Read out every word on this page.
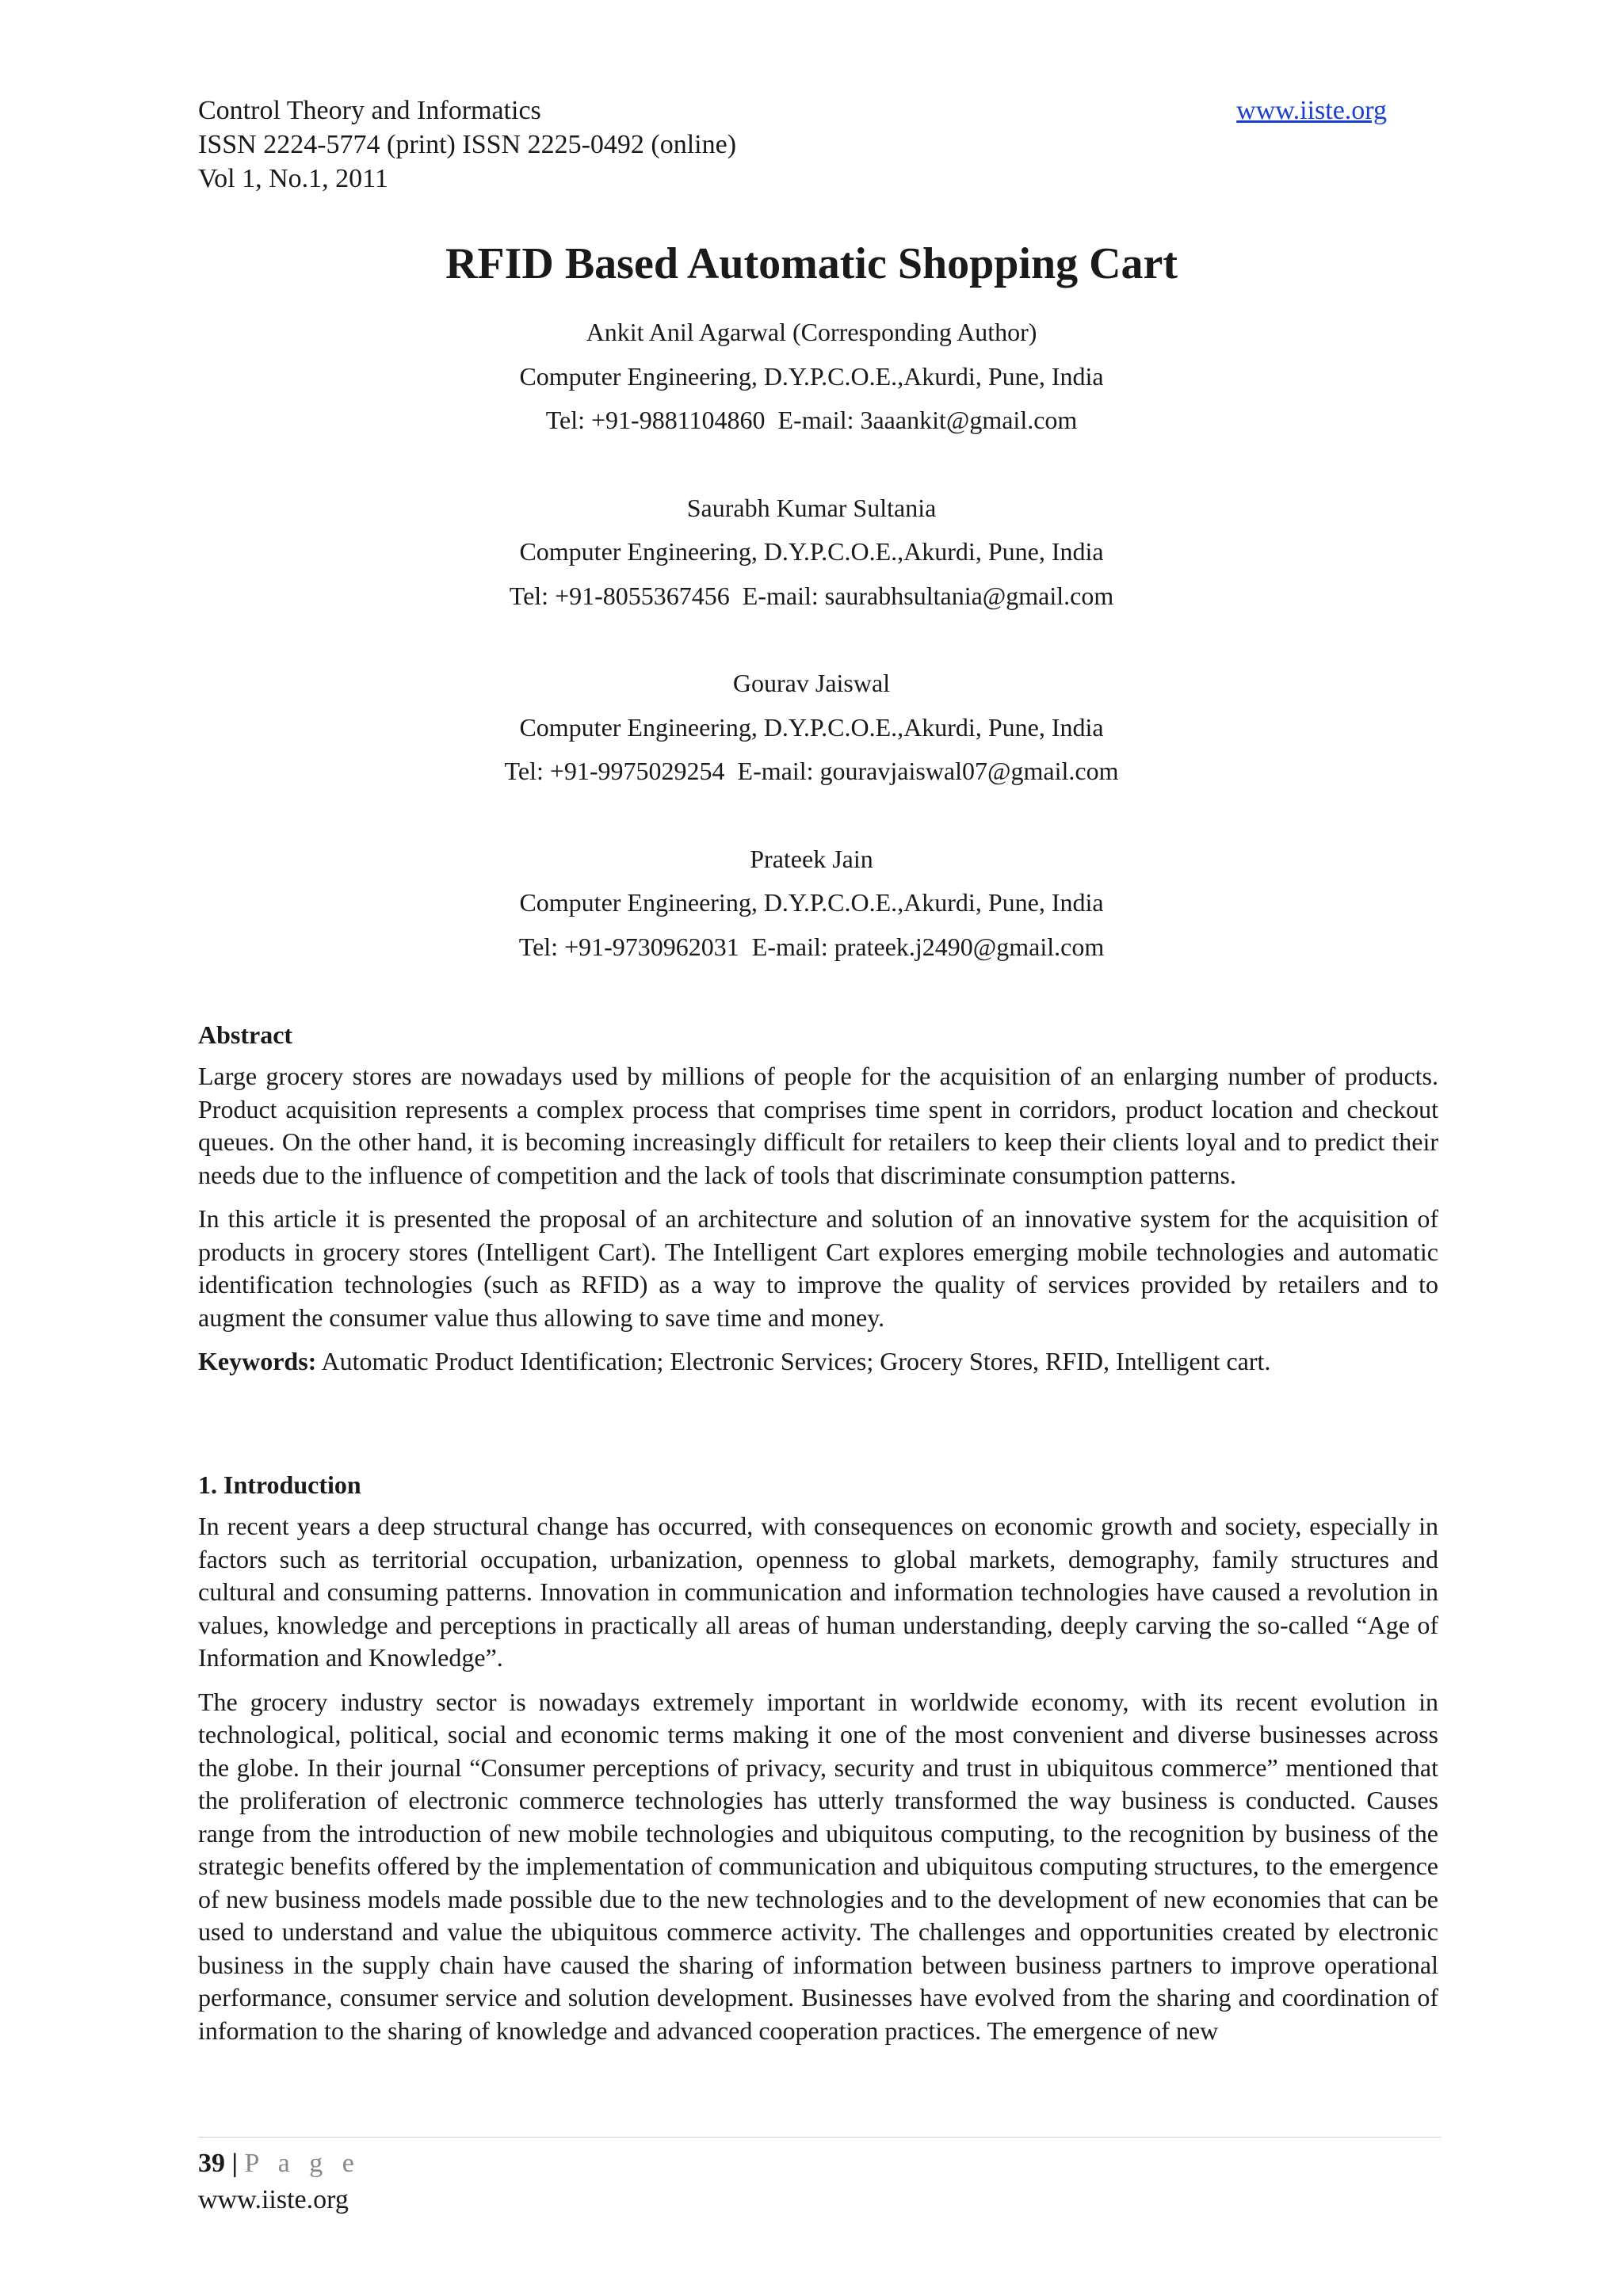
Control Theory and Informatics
ISSN 2224-5774 (print) ISSN 2225-0492 (online)
Vol 1, No.1, 2011
www.iiste.org
RFID Based Automatic Shopping Cart
Ankit Anil Agarwal (Corresponding Author)
Computer Engineering, D.Y.P.C.O.E.,Akurdi, Pune, India
Tel: +91-9881104860  E-mail: 3aaankit@gmail.com
Saurabh Kumar Sultania
Computer Engineering, D.Y.P.C.O.E.,Akurdi, Pune, India
Tel: +91-8055367456  E-mail: saurabhsultania@gmail.com
Gourav Jaiswal
Computer Engineering, D.Y.P.C.O.E.,Akurdi, Pune, India
Tel: +91-9975029254  E-mail: gouravjaiswal07@gmail.com
Prateek Jain
Computer Engineering, D.Y.P.C.O.E.,Akurdi, Pune, India
Tel: +91-9730962031  E-mail: prateek.j2490@gmail.com
Abstract

Large grocery stores are nowadays used by millions of people for the acquisition of an enlarging number of products. Product acquisition represents a complex process that comprises time spent in corridors, product location and checkout queues. On the other hand, it is becoming increasingly difficult for retailers to keep their clients loyal and to predict their needs due to the influence of competition and the lack of tools that discriminate consumption patterns.

In this article it is presented the proposal of an architecture and solution of an innovative system for the acquisition of products in grocery stores (Intelligent Cart). The Intelligent Cart explores emerging mobile technologies and automatic identification technologies (such as RFID) as a way to improve the quality of services provided by retailers and to augment the consumer value thus allowing to save time and money.

Keywords: Automatic Product Identification; Electronic Services; Grocery Stores, RFID, Intelligent cart.

1. Introduction

In recent years a deep structural change has occurred, with consequences on economic growth and society, especially in factors such as territorial occupation, urbanization, openness to global markets, demography, family structures and cultural and consuming patterns. Innovation in communication and information technologies have caused a revolution in values, knowledge and perceptions in practically all areas of human understanding, deeply carving the so-called “Age of Information and Knowledge”.

The grocery industry sector is nowadays extremely important in worldwide economy, with its recent evolution in technological, political, social and economic terms making it one of the most convenient and diverse businesses across the globe. In their journal “Consumer perceptions of privacy, security and trust in ubiquitous commerce” mentioned that the proliferation of electronic commerce technologies has utterly transformed the way business is conducted. Causes range from the introduction of new mobile technologies and ubiquitous computing, to the recognition by business of the strategic benefits offered by the implementation of communication and ubiquitous computing structures, to the emergence of new business models made possible due to the new technologies and to the development of new economies that can be used to understand and value the ubiquitous commerce activity. The challenges and opportunities created by electronic business in the supply chain have caused the sharing of information between business partners to improve operational performance, consumer service and solution development. Businesses have evolved from the sharing and coordination of information to the sharing of knowledge and advanced cooperation practices. The emergence of new

39 | P a g e
www.iiste.org
